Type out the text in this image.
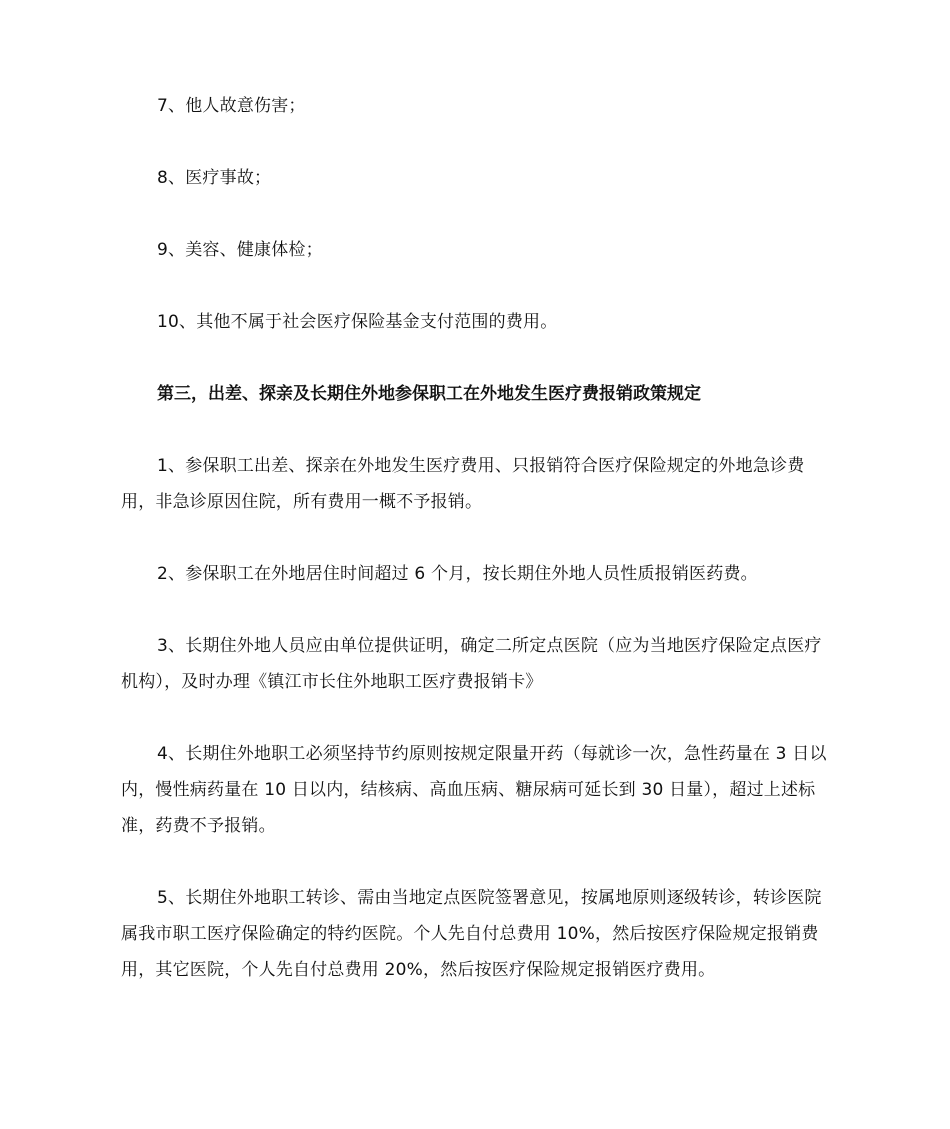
7、他人故意伤害；

8、医疗事故；

9、美容、健康体检；

10、其他不属于社会医疗保险基金支付范围的费用。

第三，出差、探亲及长期住外地参保职工在外地发生医疗费报销政策规定

1、参保职工出差、探亲在外地发生医疗费用、只报销符合医疗保险规定的外地急诊费用，非急诊原因住院，所有费用一概不予报销。

2、参保职工在外地居住时间超过 6 个月，按长期住外地人员性质报销医药费。

3、长期住外地人员应由单位提供证明，确定二所定点医院（应为当地医疗保险定点医疗机构），及时办理《镇江市长住外地职工医疗费报销卡》

4、长期住外地职工必须坚持节约原则按规定限量开药（每就诊一次，急性药量在 3 日以内，慢性病药量在 10 日以内，结核病、高血压病、糖尿病可延长到 30 日量），超过上述标准，药费不予报销。

5、长期住外地职工转诊、需由当地定点医院签署意见，按属地原则逐级转诊，转诊医院属我市职工医疗保险确定的特约医院。个人先自付总费用 10%，然后按医疗保险规定报销费用，其它医院，个人先自付总费用 20%，然后按医疗保险规定报销医疗费用。
